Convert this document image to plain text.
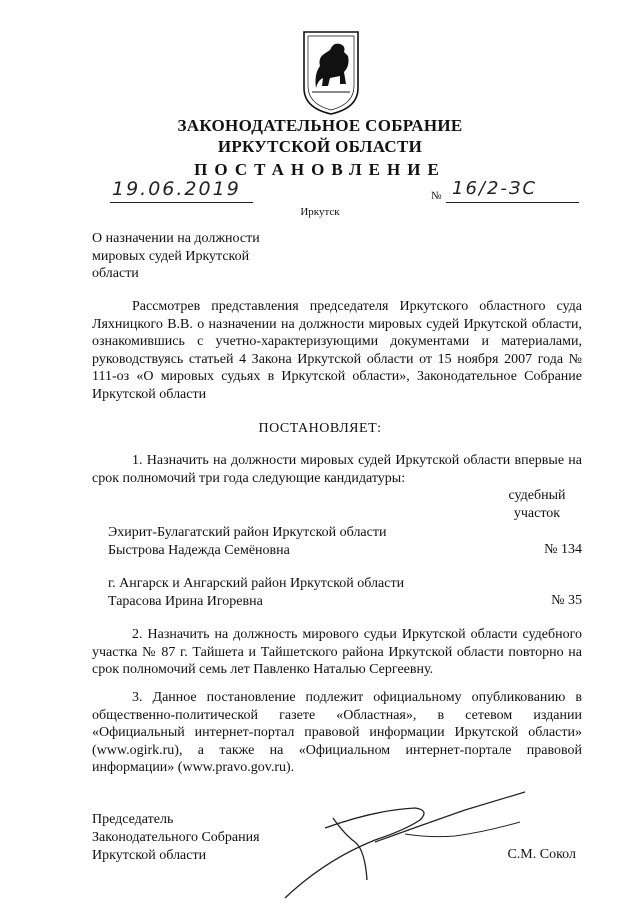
ЗАКОНОДАТЕЛЬНОЕ СОБРАНИЕ
ИРКУТСКОЙ ОБЛАСТИ
ПОСТАНОВЛЕНИЕ
19.06.2019	№ 16/2-ЗС
Иркутск
О назначении на должности
мировых судей Иркутской
области

Рассмотрев представления председателя Иркутского областного суда Ляхницкого В.В. о назначении на должности мировых судей Иркутской области, ознакомившись с учетно-характеризующими документами и материалами, руководствуясь статьей 4 Закона Иркутской области от 15 ноября 2007 года № 111-оз «О мировых судьях в Иркутской области», Законодательное Собрание Иркутской области

ПОСТАНОВЛЯЕТ:

1. Назначить на должности мировых судей Иркутской области впервые на срок полномочий три года следующие кандидатуры:

судебный
участок
Эхирит-Булагатский район Иркутской области
Быстрова Надежда Семёновна	№ 134
г. Ангарск и Ангарский район Иркутской области
Тарасова Ирина Игоревна	№ 35

2. Назначить на должность мирового судьи Иркутской области судебного участка № 87 г. Тайшета и Тайшетского района Иркутской области повторно на срок полномочий семь лет Павленко Наталью Сергеевну.

3. Данное постановление подлежит официальному опубликованию в общественно-политической газете «Областная», в сетевом издании «Официальный интернет-портал правовой информации Иркутской области» (www.ogirk.ru), а также на «Официальном интернет-портале правовой информации» (www.pravo.gov.ru).

Председатель
Законодательного Собрания
Иркутской области	С.М. Сокол
